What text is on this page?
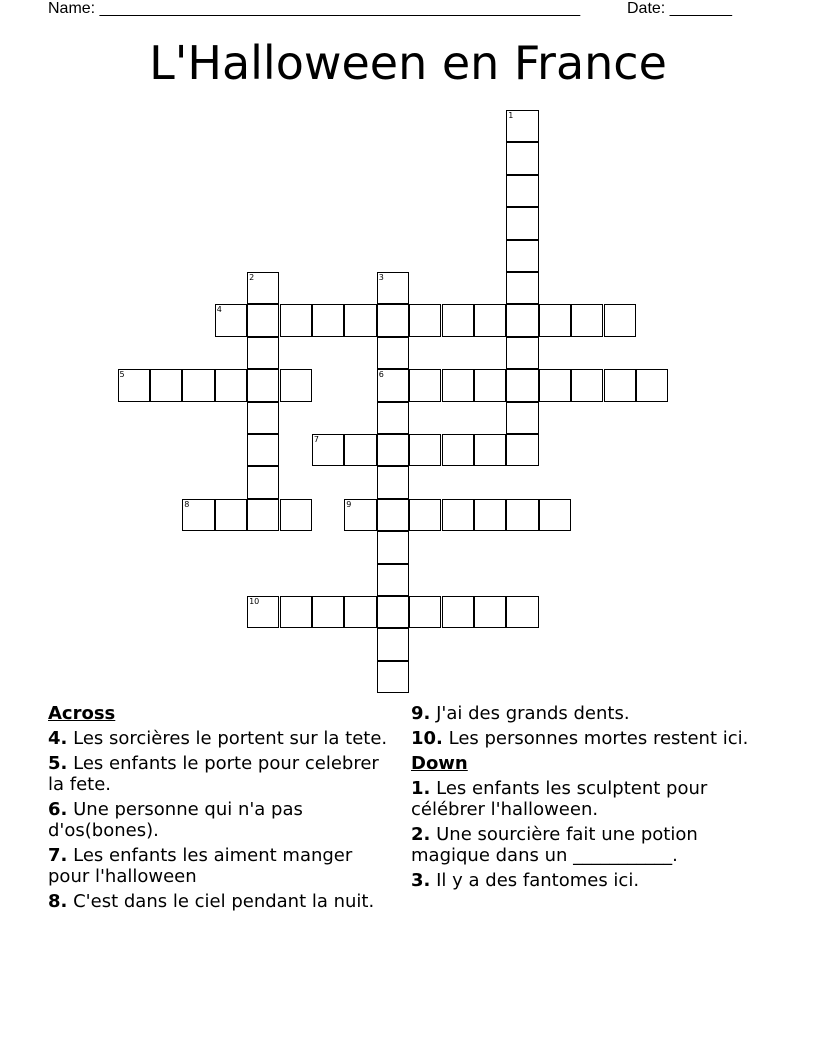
Name: ______________________________________________________	Date: _______
L'Halloween en France
1
2	3
6
4
5
7
8	9
10
Across
4. Les sorcières le portent sur la tete.
5. Les enfants le porte pour celebrer la fete.
6. Une personne qui n'a pas d'os(bones).
7. Les enfants les aiment manger pour l'halloween
8. C'est dans le ciel pendant la nuit.
9. J'ai des grands dents.
10. Les personnes mortes restent ici.
Down
1. Les enfants les sculptent pour célébrer l'halloween.
2. Une sourcière fait une potion magique dans un ___________.
3. Il y a des fantomes ici.
